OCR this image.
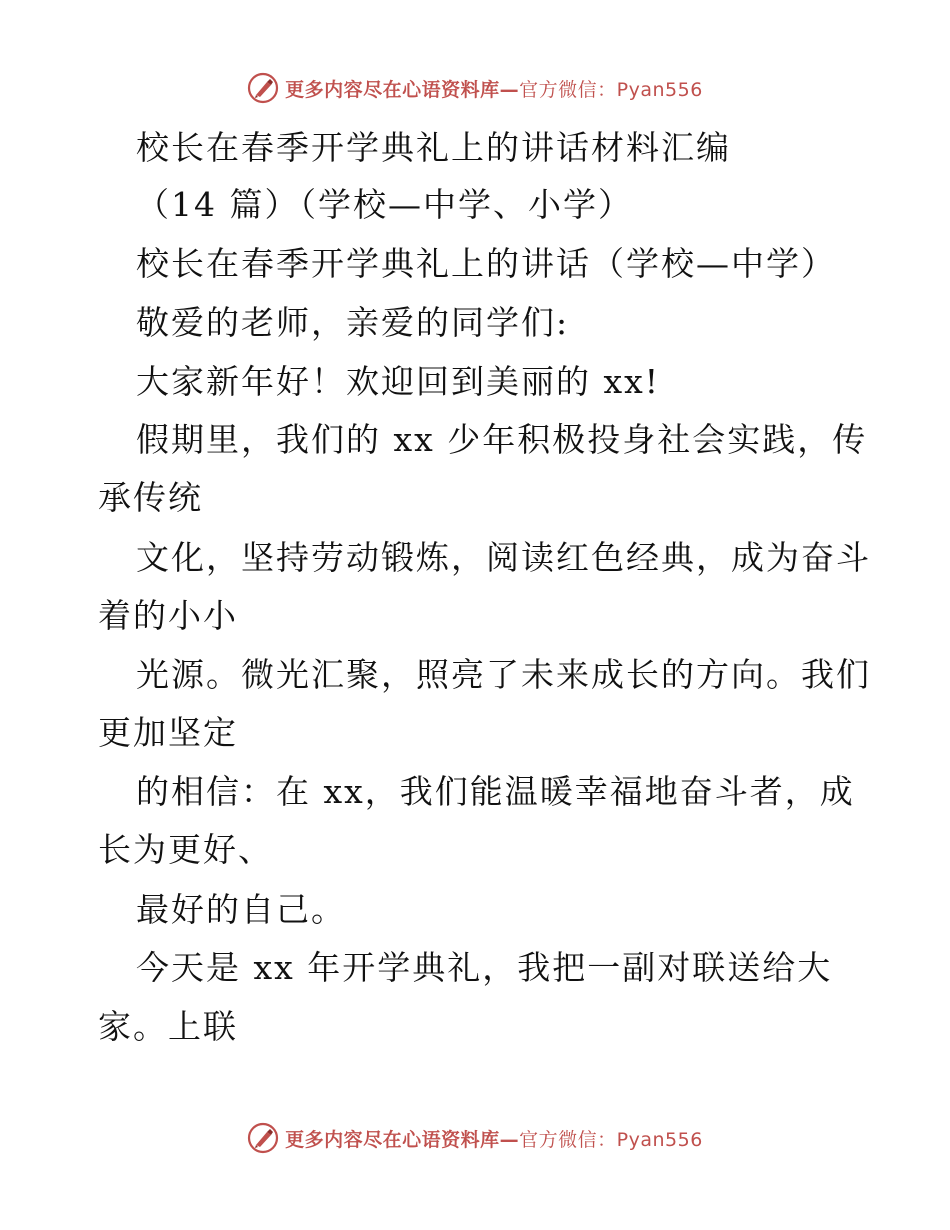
更多内容尽在心语资料库—官方微信：Pyan556
校长在春季开学典礼上的讲话材料汇编
（14 篇）（学校—中学、小学）
校长在春季开学典礼上的讲话（学校—中学）
敬爱的老师，亲爱的同学们:
大家新年好！欢迎回到美丽的 xx!
假期里，我们的 xx 少年积极投身社会实践，传
承传统
文化，坚持劳动锻炼，阅读红色经典，成为奋斗
着的小小
光源。微光汇聚，照亮了未来成长的方向。我们
更加坚定
的相信：在 xx，我们能温暖幸福地奋斗者，成
长为更好、
最好的自己。
今天是 xx 年开学典礼，我把一副对联送给大
家。上联
更多内容尽在心语资料库—官方微信：Pyan556
